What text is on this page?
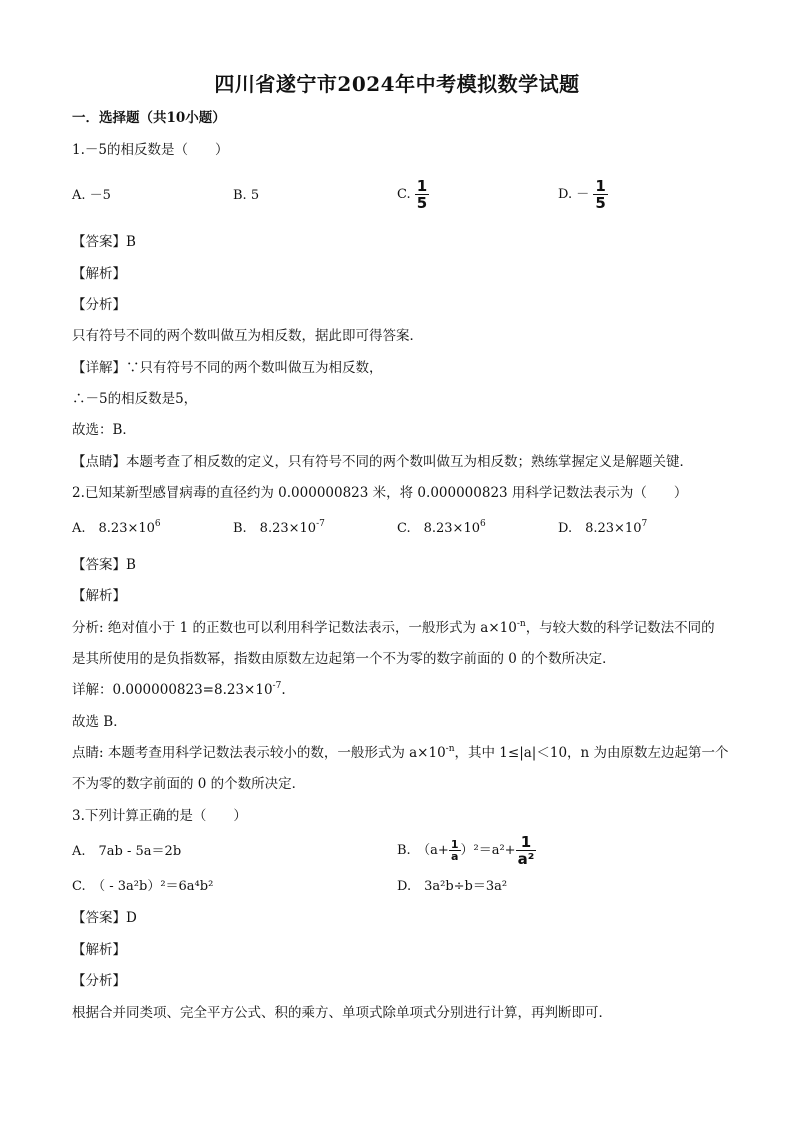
四川省遂宁市2024年中考模拟数学试题
一．选择题（共10小题）
1.－5的相反数是（　　）
A. －5	B. 5	C. $\frac{1}{5}$	D. － $\frac{1}{5}$
【答案】B
【解析】
【分析】
只有符号不同的两个数叫做互为相反数，据此即可得答案．
【详解】∵只有符号不同的两个数叫做互为相反数，
∴－5的相反数是5，
故选：B．
【点睛】本题考查了相反数的定义，只有符号不同的两个数叫做互为相反数；熟练掌握定义是解题关键．
2.已知某新型感冒病毒的直径约为 0.000000823 米，将 0.000000823 用科学记数法表示为（　　）
A.　$8.23\times 10^6$	B.　$8.23\times 10^{-7}$	C.　$8.23\times 10^6$	D.　$8.23\times 10^7$
【答案】B
【解析】
分析: 绝对值小于 1 的正数也可以利用科学记数法表示，一般形式为 $a\times 10^{-n}$，与较大数的科学记数法不同的
是其所使用的是负指数幂，指数由原数左边起第一个不为零的数字前面的 0 的个数所决定．
详解：$0.000000823=8.23\times 10^{-7}$.
故选 B．
点睛: 本题考查用科学记数法表示较小的数，一般形式为 $a\times 10^{-n}$，其中 1≤|a|＜10，n 为由原数左边起第一个
不为零的数字前面的 0 的个数所决定．
3.下列计算正确的是（　　）
A.　7ab - 5a＝2b	B.　$(a+ \frac{1}{a} )^2=a^2+ \frac{1}{\text{a²}}$
C.　（ - 3a²b）²＝6a⁴b²	D.　3a²b÷b＝3a²
【答案】D
【解析】
【分析】
根据合并同类项、完全平方公式、积的乘方、单项式除单项式分别进行计算，再判断即可．
